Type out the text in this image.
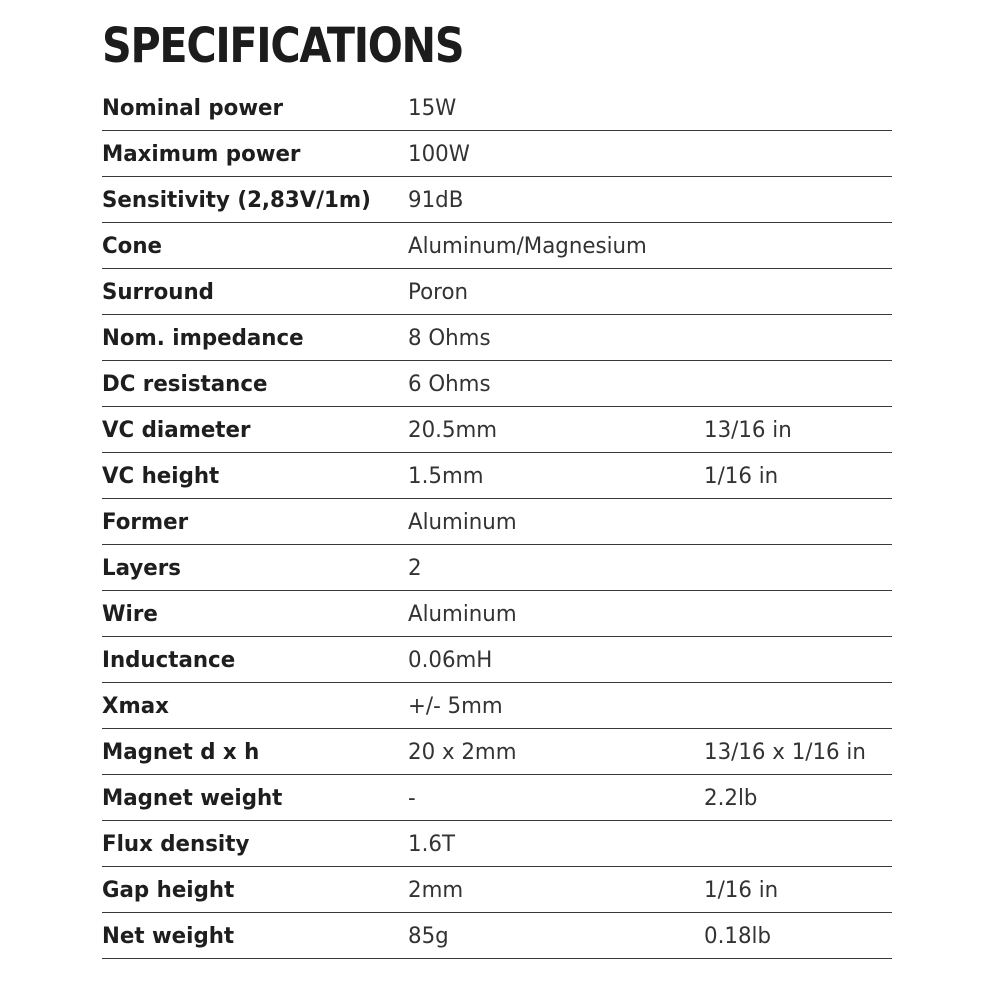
SPECIFICATIONS
Nominal power	15W
Maximum power	100W
Sensitivity (2,83V/1m) 91dB
Cone	Aluminum/Magnesium
Surround	Poron
Nom. impedance	8 Ohms
DC resistance	6 Ohms
VC diameter	20.5mm	13/16 in
VC height	1.5mm	1/16 in
Former	Aluminum
Layers	2
Wire	Aluminum
Inductance	0.06mH
Xmax	+/- 5mm
Magnet d x h	20 x 2mm	13/16 x 1/16 in
Magnet weight	-	2.2lb
Flux density	1.6T
Gap height	2mm	1/16 in
Net weight	85g	0.18lb
